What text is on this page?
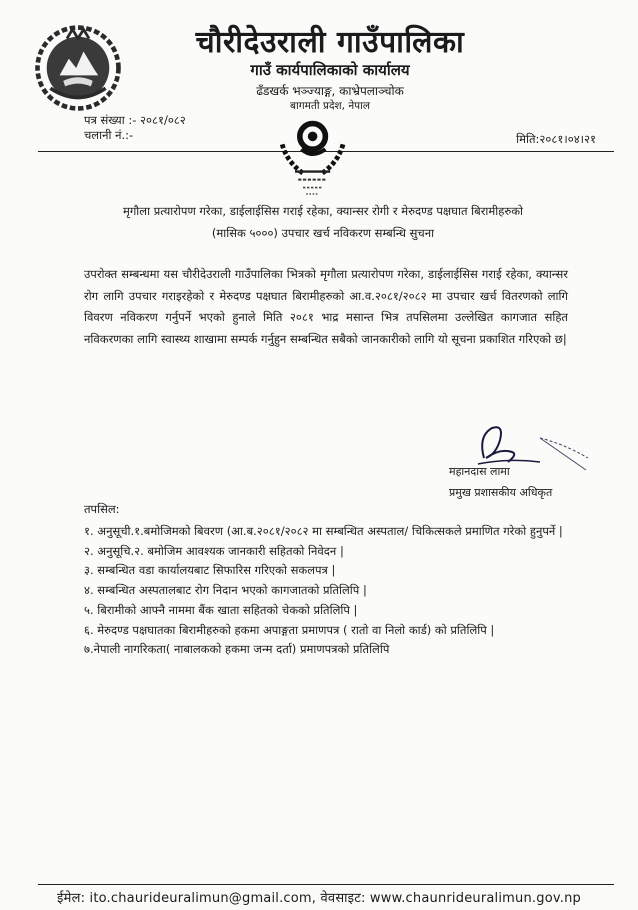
चौरीदेउराली गाउँपालिका
गाउँ कार्यपालिकाको कार्यालय
ढँडखर्क भञ्ज्याङ्ग, काभ्रेपलाञ्चोक
बागमती प्रदेश, नेपाल
पत्र संख्या :- २०८१/०८२
चलानी नं.:-	मिति:२०८१।०४।२१
मृगौला प्रत्यारोपण गरेका, डाईलाईसिस गराई रहेका, क्यान्सर रोगी र मेरुदण्ड पक्षघात बिरामीहरुको
(मासिक ५०००) उपचार खर्च नविकरण सम्बन्धि सुचना

उपरोक्त सम्बन्धमा यस चौरीदेउराली गाउँपालिका भित्रको मृगौला प्रत्यारोपण गरेका, डाईलाईसिस गराई रहेका, क्यान्सर रोग लागि उपचार गराइरहेको र मेरुदण्ड पक्षघात बिरामीहरुको आ.व.२०८१/२०८२ मा उपचार खर्च वितरणको लागि विवरण नविकरण गर्नुपर्ने भएको हुनाले मिति २०८१ भाद्र मसान्त भित्र तपसिलमा उल्लेखित कागजात सहित नविकरणका लागि स्वास्थ्य शाखामा सम्पर्क गर्नुहुन सम्बन्धित सबैको जानकारीको लागि यो सूचना प्रकाशित गरिएको छ|

महानदास लामा
प्रमुख प्रशासकीय अधिकृत
तपसिल:
१. अनुसूची.१.बमोजिमको बिवरण (आ.ब.२०८१/२०८२ मा सम्बन्धित अस्पताल/ चिकित्सकले प्रमाणित गरेको हुनुपर्ने |
२. अनुसूचि.२. बमोजिम आवश्यक जानकारी सहितको निवेदन |
३. सम्बन्धित वडा कार्यालयबाट सिफारिस गरिएको सकलपत्र |
४. सम्बन्धित अस्पतालबाट रोग निदान भएको कागजातको प्रतिलिपि |
५. बिरामीको आफ्नै नाममा बैंक खाता सहितको चेकको प्रतिलिपि |
६. मेरुदण्ड पक्षघातका बिरामीहरुको हकमा अपाङ्गता प्रमाणपत्र ( रातो वा निलो कार्ड) को प्रतिलिपि |
७.नेपाली नागरिकता( नाबालकको हकमा जन्म दर्ता) प्रमाणपत्रको प्रतिलिपि
ईमेल: ito.chaurideuralimun@gmail.com, वेवसाइट: www.chaunrideuralimun.gov.np
